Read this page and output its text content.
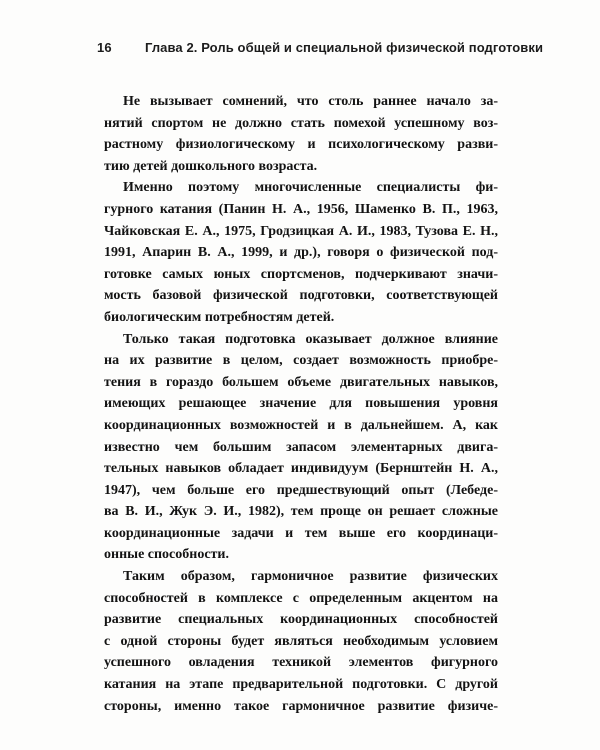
16	Глава 2. Роль общей и специальной физической подготовки
Не вызывает сомнений, что столь раннее начало за-
нятий спортом не должно стать помехой успешному воз-
растному физиологическому и психологическому разви-
тию детей дошкольного возраста.
Именно поэтому многочисленные специалисты фи-
гурного катания (Панин Н. А., 1956, Шаменко В. П., 1963,
Чайковская Е. А., 1975, Гродзицкая А. И., 1983, Тузова Е. Н.,
1991, Апарин В. А., 1999, и др.), говоря о физической под-
готовке самых юных спортсменов, подчеркивают значи-
мость базовой физической подготовки, соответствующей
биологическим потребностям детей.
Только такая подготовка оказывает должное влияние
на их развитие в целом, создает возможность приобре-
тения в гораздо большем объеме двигательных навыков,
имеющих решающее значение для повышения уровня
координационных возможностей и в дальнейшем. А, как
известно чем большим запасом элементарных двига-
тельных навыков обладает индивидуум (Бернштейн Н. А.,
1947), чем больше его предшествующий опыт (Лебеде-
ва В. И., Жук Э. И., 1982), тем проще он решает сложные
координационные задачи и тем выше его координаци-
онные способности.
Таким образом, гармоничное развитие физических
способностей в комплексе с определенным акцентом на
развитие специальных координационных способностей
с одной стороны будет являться необходимым условием
успешного овладения техникой элементов фигурного
катания на этапе предварительной подготовки. С другой
стороны, именно такое гармоничное развитие физиче-
